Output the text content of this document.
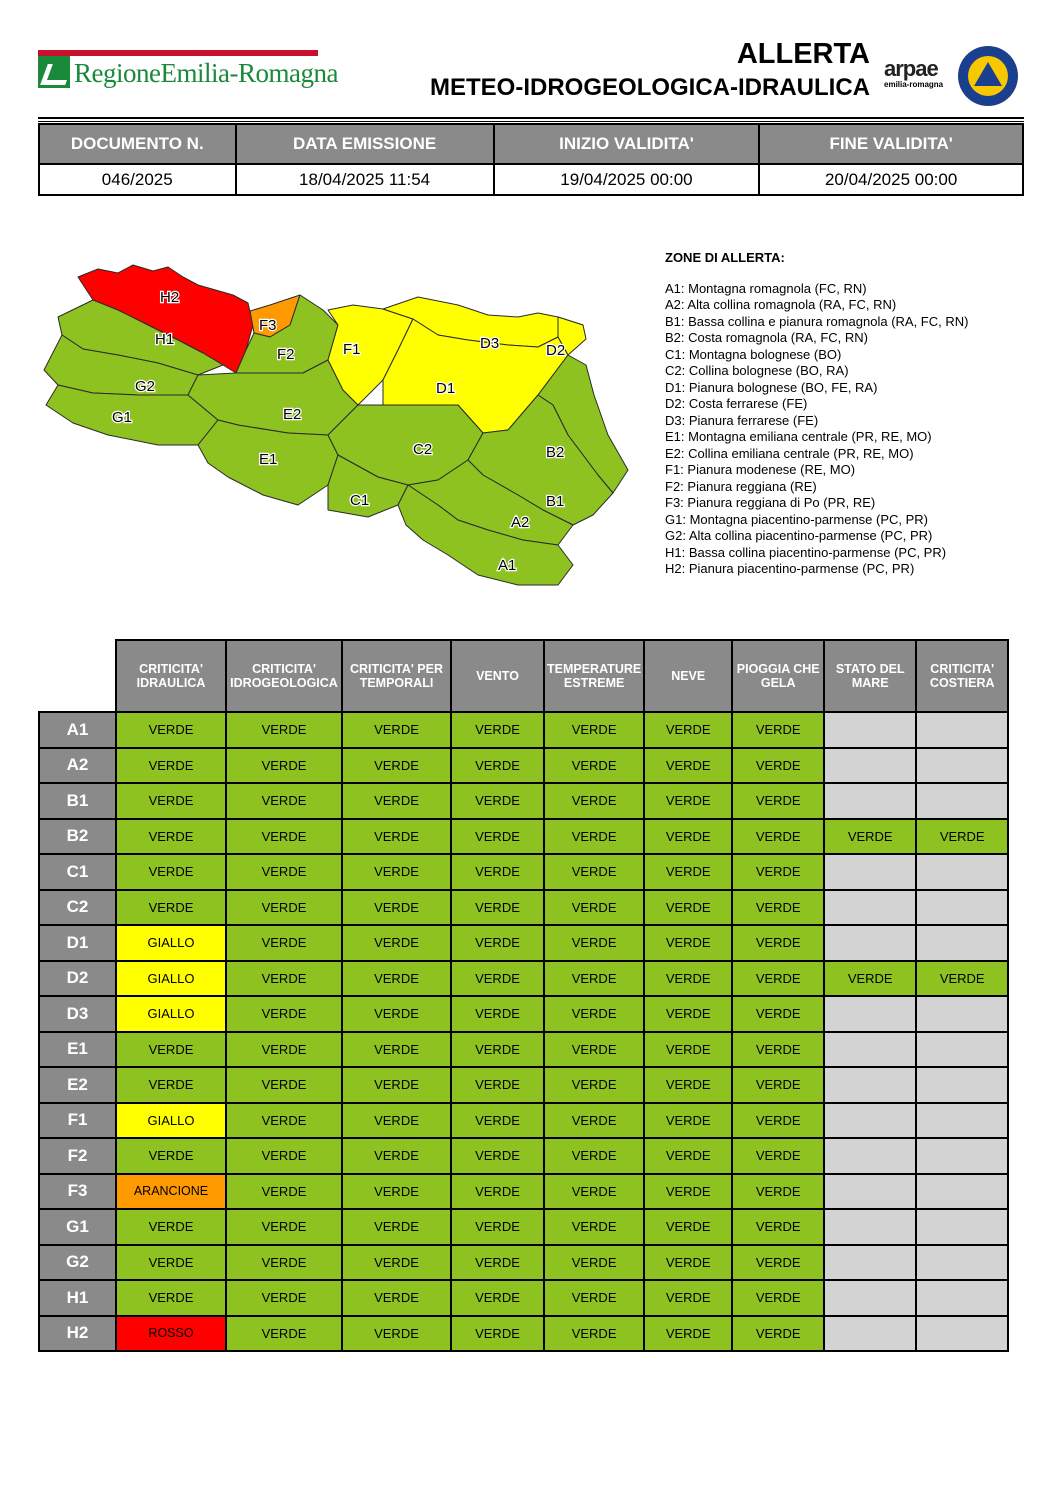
RegioneEmilia-Romagna
ALLERTA
METEO-IDROGEOLOGICA-IDRAULICA
arpae
emilia-romagna
DOCUMENTO N.	DATA EMISSIONE	INIZIO VALIDITA'	FINE VALIDITA'
046/2025	18/04/2025 11:54	19/04/2025 00:00	20/04/2025 00:00
H2
F3
H1
G2
G1
F2
E2
E1
F1	D3	D2
D1
C2
C1
B2
B1
A2
A1
ZONE DI ALLERTA:
A1: Montagna romagnola (FC, RN)
A2: Alta collina romagnola (RA, FC, RN)
B1: Bassa collina e pianura romagnola (RA, FC, RN)
B2: Costa romagnola (RA, FC, RN)
C1: Montagna bolognese (BO)
C2: Collina bolognese (BO, RA)
D1: Pianura bolognese (BO, FE, RA)
D2: Costa ferrarese (FE)
D3: Pianura ferrarese (FE)
E1: Montagna emiliana centrale (PR, RE, MO)
E2: Collina emiliana centrale (PR, RE, MO)
F1: Pianura modenese (RE, MO)
F2: Pianura reggiana (RE)
F3: Pianura reggiana di Po (PR, RE)
G1: Montagna piacentino-parmense (PC, PR)
G2: Alta collina piacentino-parmense (PC, PR)
H1: Bassa collina piacentino-parmense (PC, PR)
H2: Pianura piacentino-parmense (PC, PR)
	CRITICITA' IDRAULICA	CRITICITA' IDROGEOLOGICA	CRITICITA' PER TEMPORALI	VENTO	TEMPERATURE ESTREME	NEVE	PIOGGIA CHE GELA	STATO DEL MARE	CRITICITA' COSTIERA
A1	VERDE	VERDE	VERDE	VERDE	VERDE	VERDE	VERDE		
A2	VERDE	VERDE	VERDE	VERDE	VERDE	VERDE	VERDE		
B1	VERDE	VERDE	VERDE	VERDE	VERDE	VERDE	VERDE		
B2	VERDE	VERDE	VERDE	VERDE	VERDE	VERDE	VERDE	VERDE	VERDE
C1	VERDE	VERDE	VERDE	VERDE	VERDE	VERDE	VERDE		
C2	VERDE	VERDE	VERDE	VERDE	VERDE	VERDE	VERDE		
D1	GIALLO	VERDE	VERDE	VERDE	VERDE	VERDE	VERDE		
D2	GIALLO	VERDE	VERDE	VERDE	VERDE	VERDE	VERDE	VERDE	VERDE
D3	GIALLO	VERDE	VERDE	VERDE	VERDE	VERDE	VERDE		
E1	VERDE	VERDE	VERDE	VERDE	VERDE	VERDE	VERDE		
E2	VERDE	VERDE	VERDE	VERDE	VERDE	VERDE	VERDE		
F1	GIALLO	VERDE	VERDE	VERDE	VERDE	VERDE	VERDE		
F2	VERDE	VERDE	VERDE	VERDE	VERDE	VERDE	VERDE		
F3	ARANCIONE	VERDE	VERDE	VERDE	VERDE	VERDE	VERDE		
G1	VERDE	VERDE	VERDE	VERDE	VERDE	VERDE	VERDE		
G2	VERDE	VERDE	VERDE	VERDE	VERDE	VERDE	VERDE		
H1	VERDE	VERDE	VERDE	VERDE	VERDE	VERDE	VERDE		
H2	ROSSO	VERDE	VERDE	VERDE	VERDE	VERDE	VERDE		
